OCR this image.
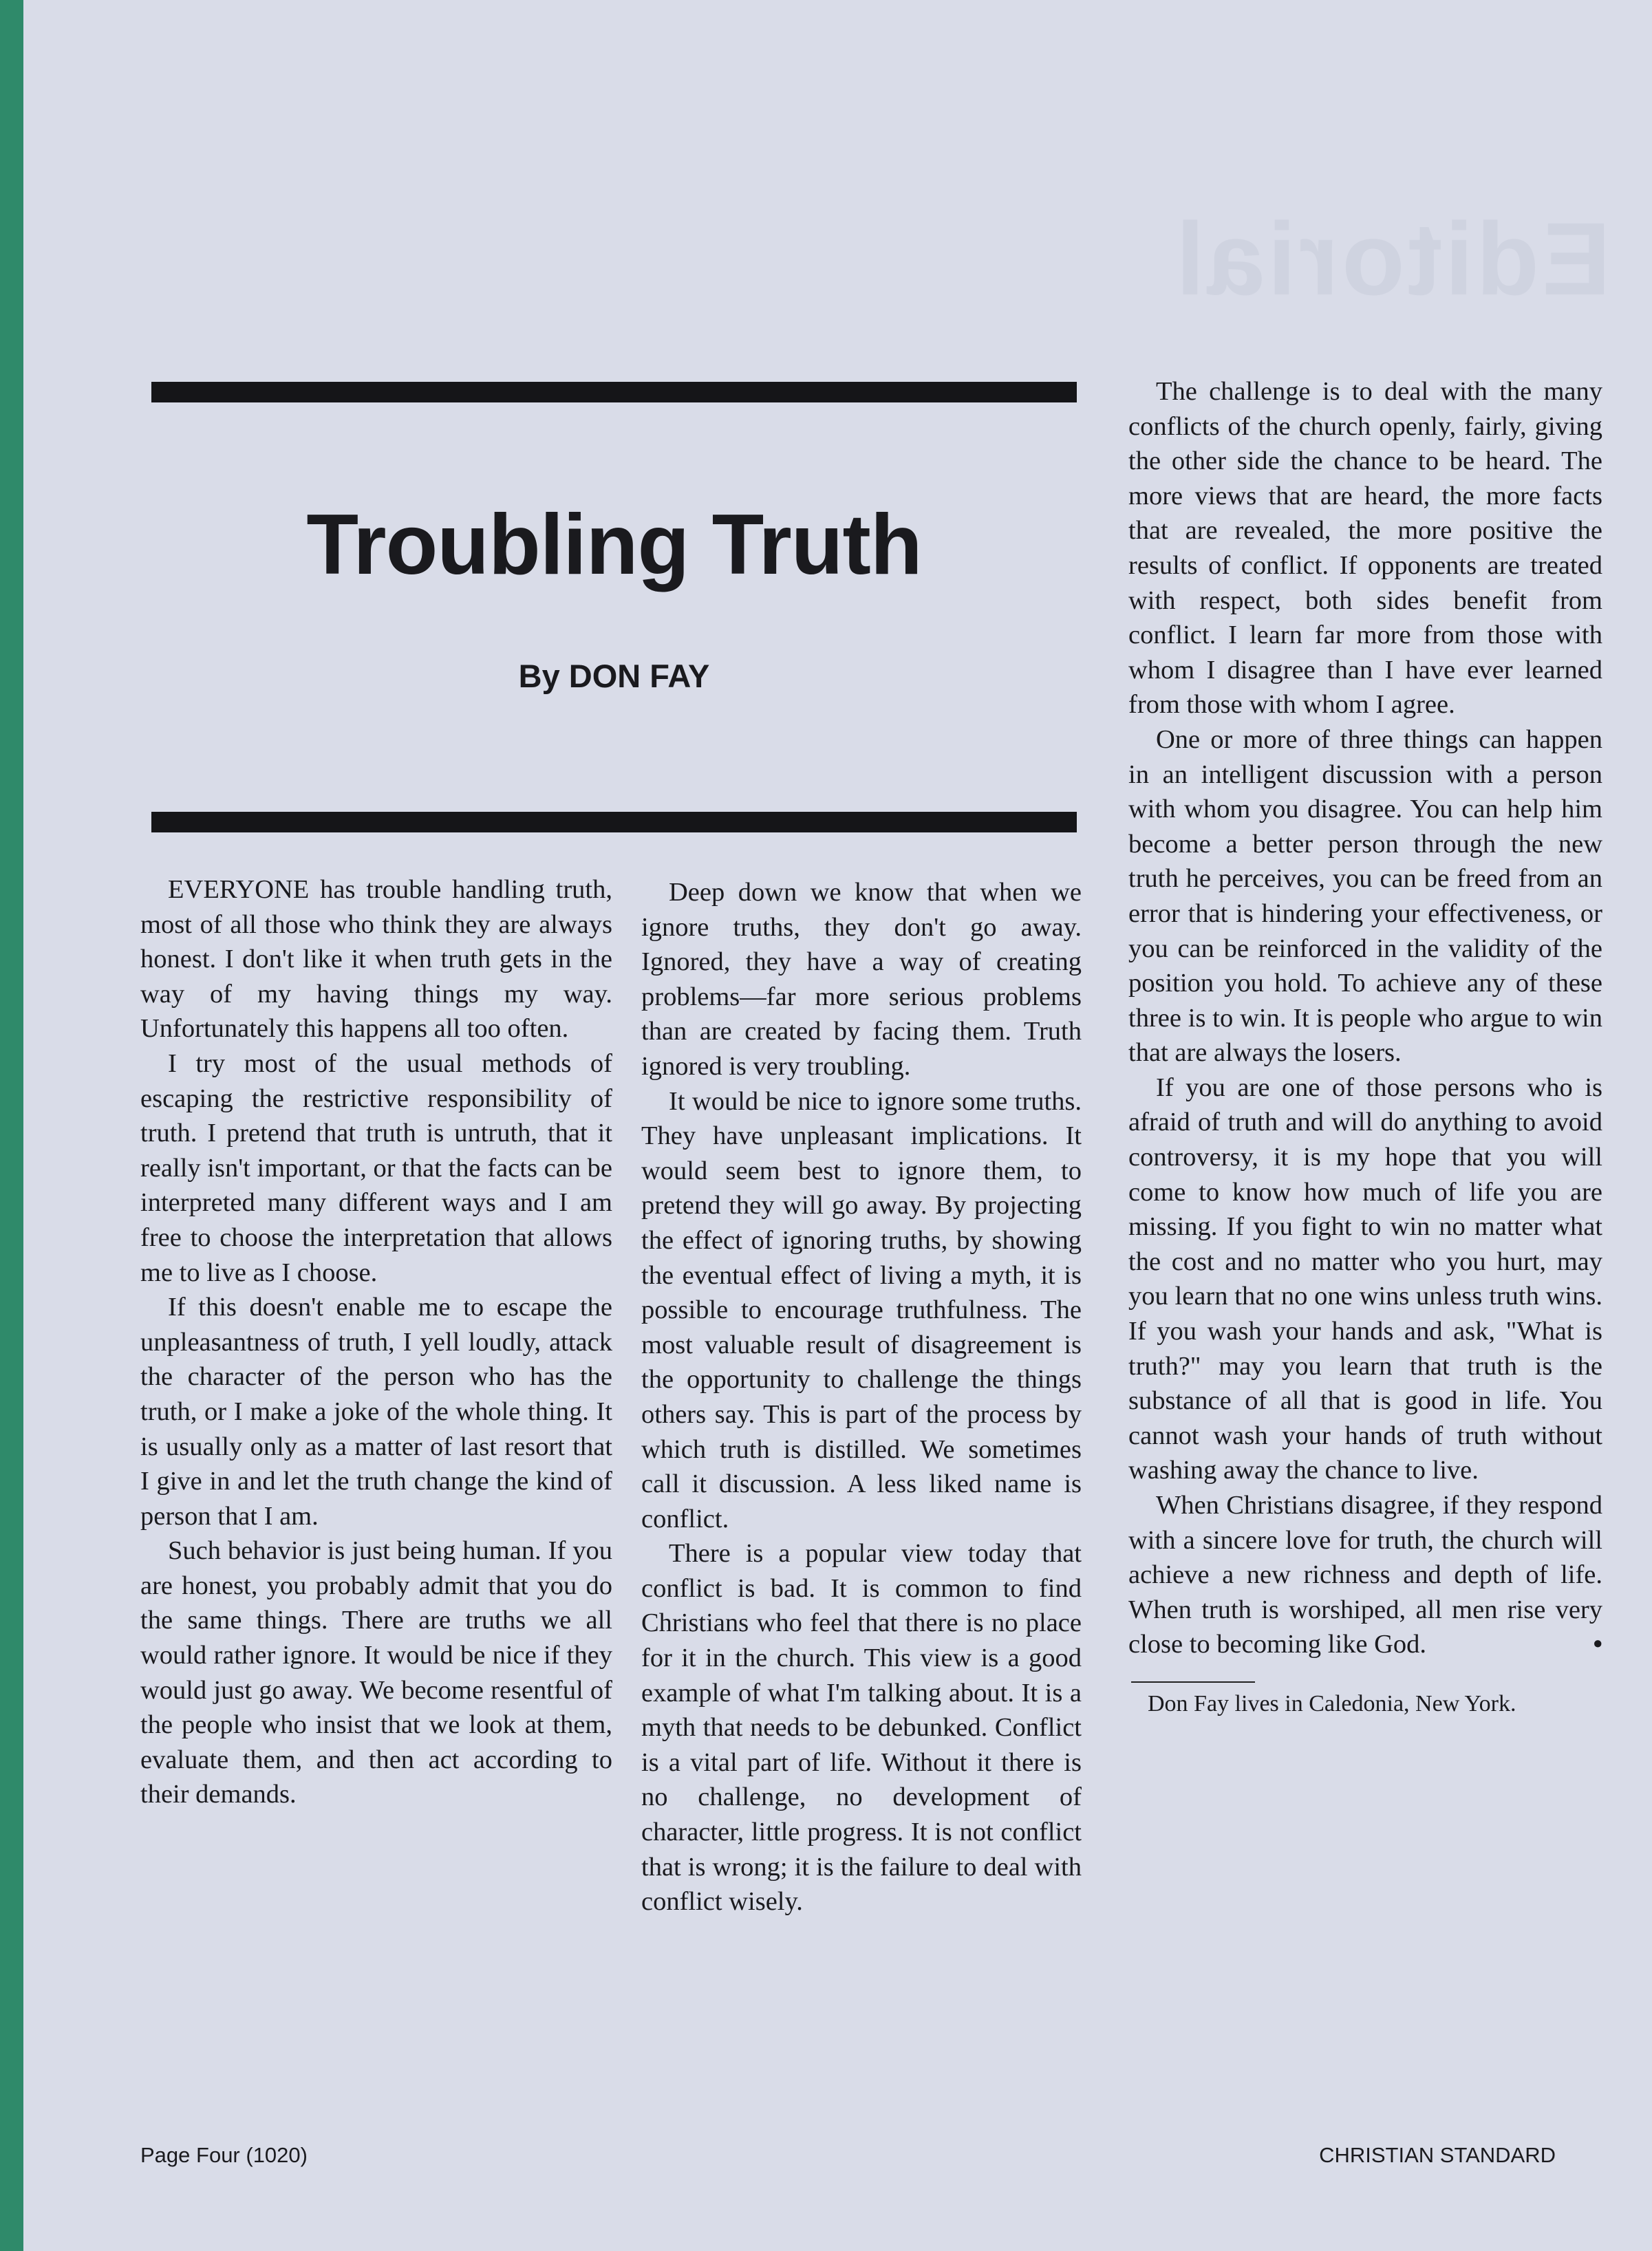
Editorial
Troubling Truth
By DON FAY

EVERYONE has trouble handling truth, most of all those who think they are always honest. I don't like it when truth gets in the way of my having things my way. Unfortunately this happens all too often.

I try most of the usual methods of escaping the restrictive responsibility of truth. I pretend that truth is untruth, that it really isn't important, or that the facts can be interpreted many different ways and I am free to choose the interpretation that allows me to live as I choose.

If this doesn't enable me to escape the unpleasantness of truth, I yell loudly, attack the character of the person who has the truth, or I make a joke of the whole thing. It is usually only as a matter of last resort that I give in and let the truth change the kind of person that I am.

Such behavior is just being human. If you are honest, you probably admit that you do the same things. There are truths we all would rather ignore. It would be nice if they would just go away. We become resentful of the people who insist that we look at them, evaluate them, and then act according to their demands.

Deep down we know that when we ignore truths, they don't go away. Ignored, they have a way of creating problems—far more serious problems than are created by facing them. Truth ignored is very troubling.

It would be nice to ignore some truths. They have unpleasant implications. It would seem best to ignore them, to pretend they will go away. By projecting the effect of ignoring truths, by showing the eventual effect of living a myth, it is possible to encourage truthfulness. The most valuable result of disagreement is the opportunity to challenge the things others say. This is part of the process by which truth is distilled. We sometimes call it discussion. A less liked name is conflict.

There is a popular view today that conflict is bad. It is common to find Christians who feel that there is no place for it in the church. This view is a good example of what I'm talking about. It is a myth that needs to be debunked. Conflict is a vital part of life. Without it there is no challenge, no development of character, little progress. It is not conflict that is wrong; it is the failure to deal with conflict wisely.

The challenge is to deal with the many conflicts of the church openly, fairly, giving the other side the chance to be heard. The more views that are heard, the more facts that are revealed, the more positive the results of conflict. If opponents are treated with respect, both sides benefit from conflict. I learn far more from those with whom I disagree than I have ever learned from those with whom I agree.

One or more of three things can happen in an intelligent discussion with a person with whom you disagree. You can help him become a better person through the new truth he perceives, you can be freed from an error that is hindering your effectiveness, or you can be reinforced in the validity of the position you hold. To achieve any of these three is to win. It is people who argue to win that are always the losers.

If you are one of those persons who is afraid of truth and will do anything to avoid controversy, it is my hope that you will come to know how much of life you are missing. If you fight to win no matter what the cost and no matter who you hurt, may you learn that no one wins unless truth wins. If you wash your hands and ask, "What is truth?" may you learn that truth is the substance of all that is good in life. You cannot wash your hands of truth without washing away the chance to live.

When Christians disagree, if they respond with a sincere love for truth, the church will achieve a new richness and depth of life. When truth is worshiped, all men rise very close to becoming like God.	•

Don Fay lives in Caledonia, New York.

Page Four (1020)	CHRISTIAN STANDARD
